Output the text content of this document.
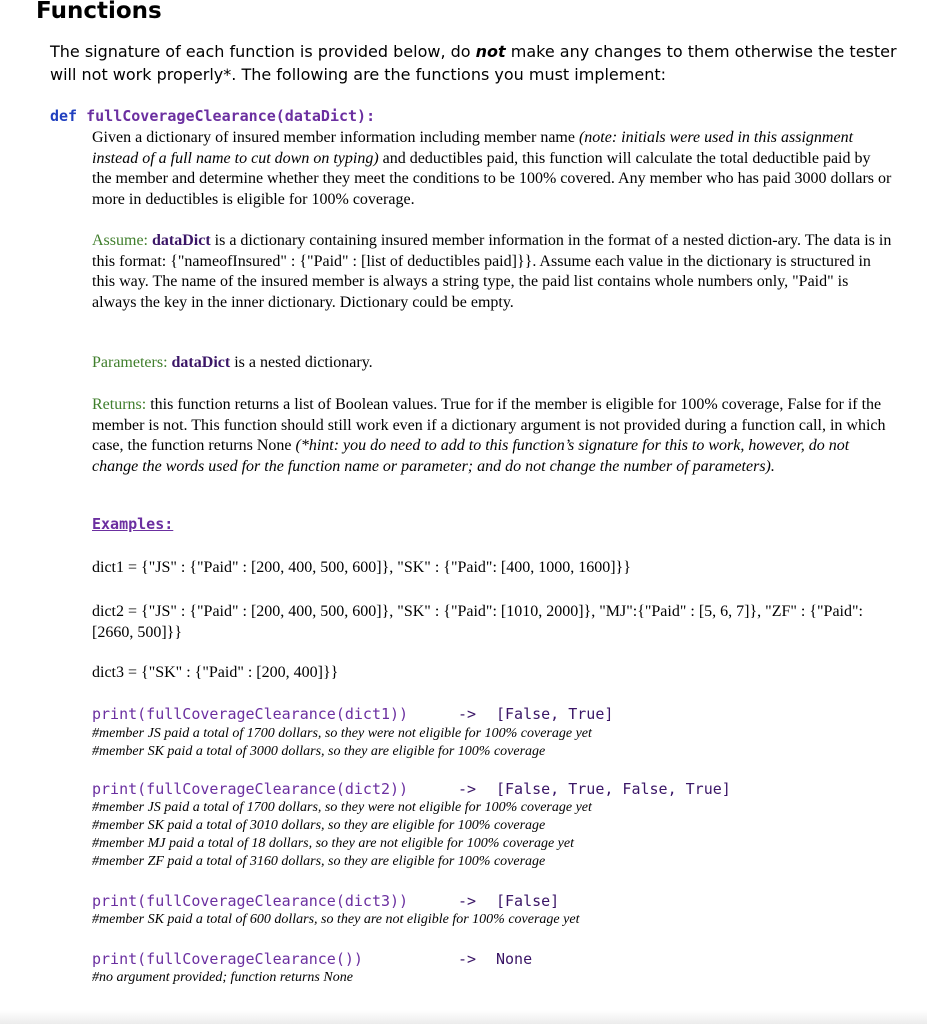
Functions

The signature of each function is provided below, do not make any changes to them otherwise the tester will not work properly*. The following are the functions you must implement:

def fullCoverageClearance(dataDict):

Given a dictionary of insured member information including member name (note: initials were used in this assignment instead of a full name to cut down on typing) and deductibles paid, this function will calculate the total deductible paid by the member and determine whether they meet the conditions to be 100% covered. Any member who has paid 3000 dollars or more in deductibles is eligible for 100% coverage.

Assume: dataDict is a dictionary containing insured member information in the format of a nested diction-ary. The data is in this format: {"nameofInsured" : {"Paid" : [list of deductibles paid]}}. Assume each value in the dictionary is structured in this way. The name of the insured member is always a string type, the paid list contains whole numbers only, "Paid" is always the key in the inner dictionary. Dictionary could be empty.

Parameters: dataDict is a nested dictionary.

Returns: this function returns a list of Boolean values. True for if the member is eligible for 100% coverage, False for if the member is not. This function should still work even if a dictionary argument is not provided during a function call, in which case, the function returns None (*hint: you do need to add to this function’s signature for this to work, however, do not change the words used for the function name or parameter; and do not change the number of parameters).

Examples:

dict1 = {"JS" : {"Paid" : [200, 400, 500, 600]}, "SK" : {"Paid": [400, 1000, 1600]}}

dict2 = {"JS" : {"Paid" : [200, 400, 500, 600]}, "SK" : {"Paid": [1010, 2000]}, "MJ":{"Paid" : [5, 6, 7]}, "ZF" : {"Paid": [2660, 500]}}

dict3 = {"SK" : {"Paid" : [200, 400]}}

print(fullCoverageClearance(dict1))	-> [False, True]

#member JS paid a total of 1700 dollars, so they were not eligible for 100% coverage yet
#member SK paid a total of 3000 dollars, so they are eligible for 100% coverage

print(fullCoverageClearance(dict2))	-> [False, True, False, True]

#member JS paid a total of 1700 dollars, so they were not eligible for 100% coverage yet
#member SK paid a total of 3010 dollars, so they are eligible for 100% coverage
#member MJ paid a total of 18 dollars, so they are not eligible for 100% coverage yet
#member ZF paid a total of 3160 dollars, so they are eligible for 100% coverage

print(fullCoverageClearance(dict3))	-> [False]

#member SK paid a total of 600 dollars, so they are not eligible for 100% coverage yet

print(fullCoverageClearance())	-> None

#no argument provided; function returns None
